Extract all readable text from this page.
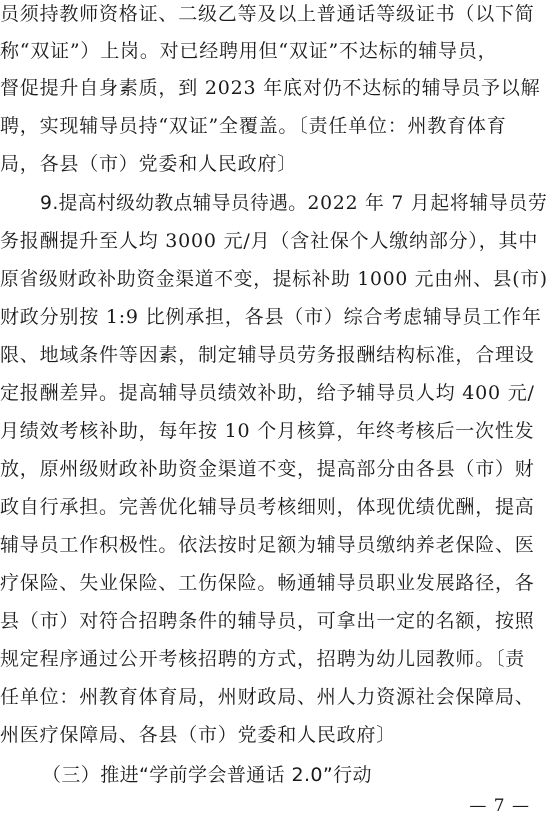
员须持教师资格证、二级乙等及以上普通话等级证书（以下简
称“双证”）上岗。对已经聘用但“双证”不达标的辅导员，
督促提升自身素质，到 2023 年底对仍不达标的辅导员予以解
聘，实现辅导员持“双证”全覆盖。〔责任单位：州教育体育
局，各县（市）党委和人民政府〕
9.提高村级幼教点辅导员待遇。2022 年 7 月起将辅导员劳
务报酬提升至人均 3000 元/月（含社保个人缴纳部分），其中
原省级财政补助资金渠道不变，提标补助 1000 元由州、县(市)
财政分别按 1:9 比例承担，各县（市）综合考虑辅导员工作年
限、地域条件等因素，制定辅导员劳务报酬结构标准，合理设
定报酬差异。提高辅导员绩效补助，给予辅导员人均 400 元/
月绩效考核补助，每年按 10 个月核算，年终考核后一次性发
放，原州级财政补助资金渠道不变，提高部分由各县（市）财
政自行承担。完善优化辅导员考核细则，体现优绩优酬，提高
辅导员工作积极性。依法按时足额为辅导员缴纳养老保险、医
疗保险、失业保险、工伤保险。畅通辅导员职业发展路径，各
县（市）对符合招聘条件的辅导员，可拿出一定的名额，按照
规定程序通过公开考核招聘的方式，招聘为幼儿园教师。〔责
任单位：州教育体育局，州财政局、州人力资源社会保障局、
州医疗保障局、各县（市）党委和人民政府〕
（三）推进“学前学会普通话 2.0”行动
— 7 —
